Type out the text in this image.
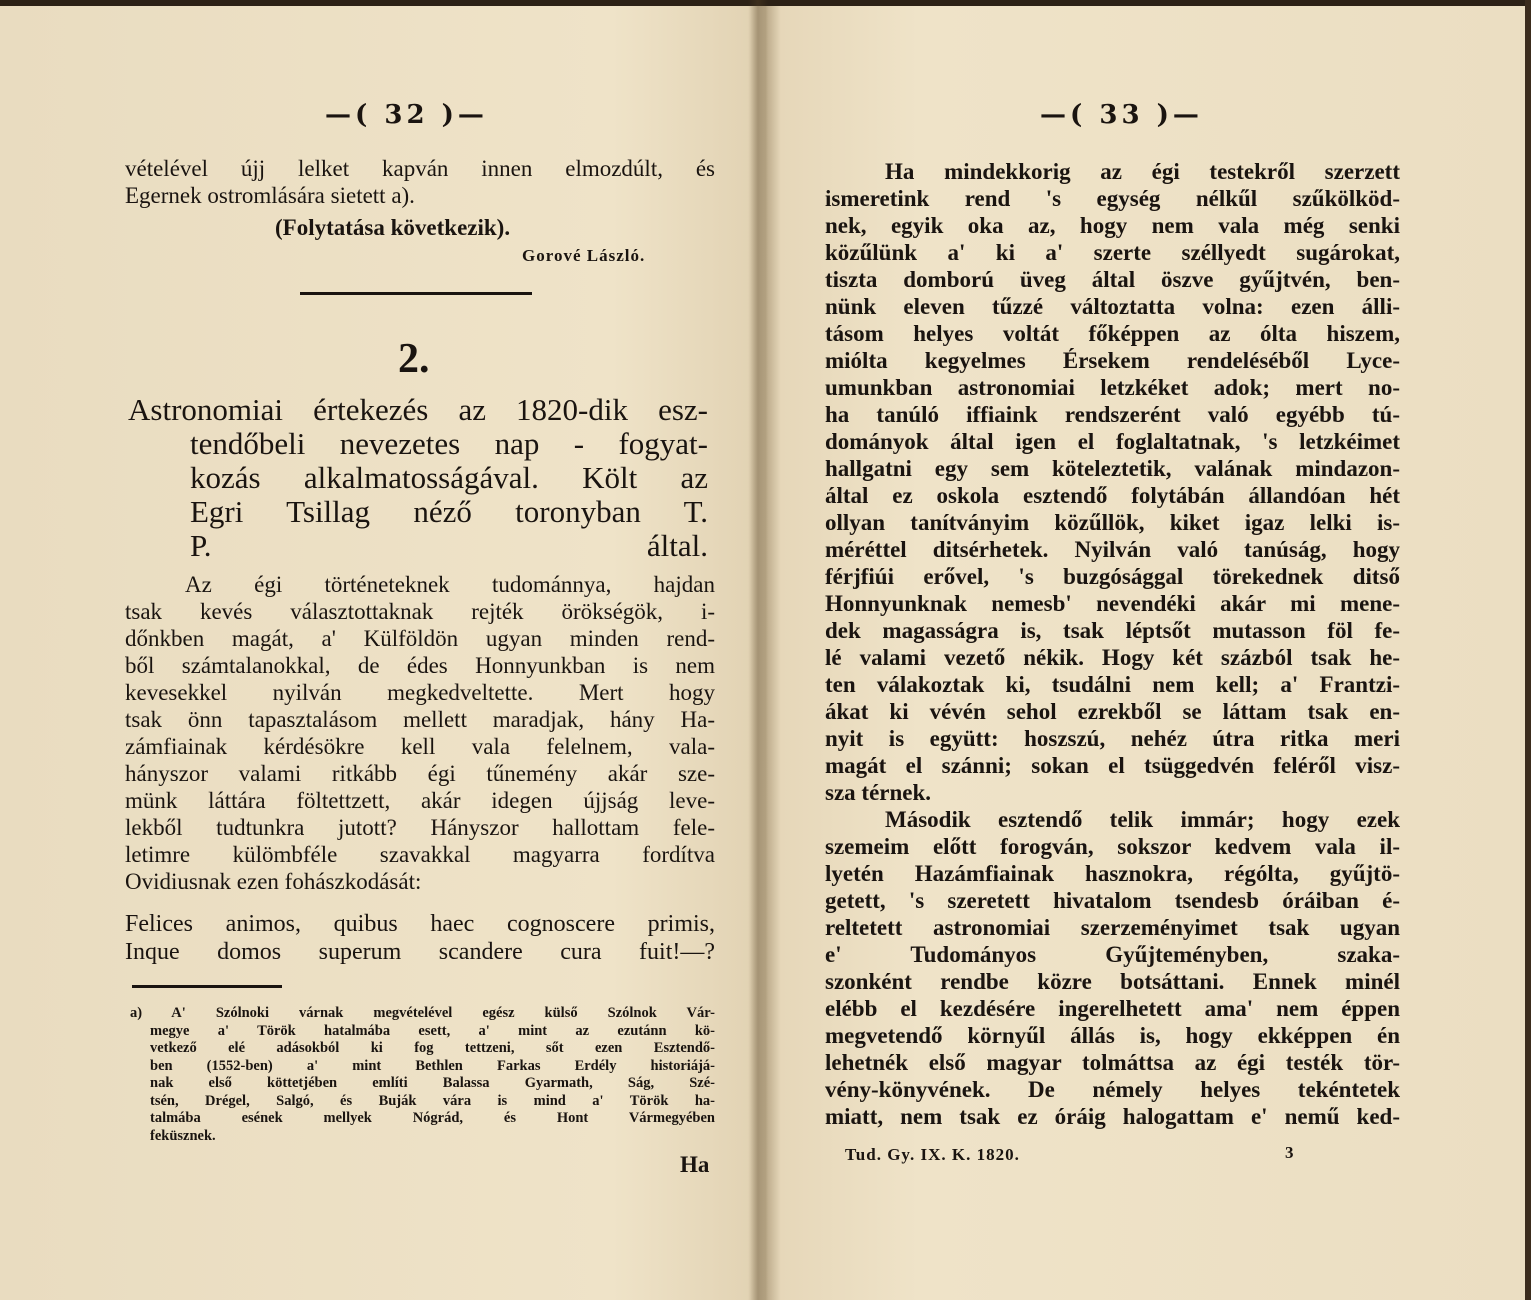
—( 32 )—
vételével újj lelket kapván innen elmozdúlt, és
Egernek ostromlására sietett a).
(Folytatása következik).
Gorové László.
2.
Astronomiai értekezés az 1820-dik esz-
tendőbeli nevezetes nap - fogyat-
kozás alkalmatosságával. Költ az
Egri Tsillag néző toronyban T.
P. által.
Az égi történeteknek tudománnya, hajdan
tsak kevés választottaknak rejték örökségök, i-
dőnkben magát, a' Külföldön ugyan minden rend-
ből számtalanokkal, de édes Honnyunkban is nem
kevesekkel nyilván megkedveltette. Mert hogy
tsak önn tapasztalásom mellett maradjak, hány Ha-
zámfiainak kérdésökre kell vala felelnem, vala-
hányszor valami ritkább égi tűnemény akár sze-
münk láttára föltettzett, akár idegen újjság leve-
lekből tudtunkra jutott? Hányszor hallottam fele-
letimre külömbféle szavakkal magyarra fordítva
Ovidiusnak ezen fohászkodását:
Felices animos, quibus haec cognoscere primis,
Inque domos superum scandere cura fuit!—?
a) A' Szólnoki várnak megvételével egész külső Szólnok Vár-
megye a' Török hatalmába esett, a' mint az ezutánn kö-
vetkező elé adásokból ki fog tettzeni, sőt ezen Esztendő-
ben (1552-ben) a' mint Bethlen Farkas Erdély historiájá-
nak első köttetjében említi Balassa Gyarmath, Ság, Szé-
tsén, Drégel, Salgó, és Buják vára is mind a' Török ha-
talmába esének mellyek Nógrád, és Hont Vármegyében
feküsznek.
Ha
—( 33 )—
Ha mindekkorig az égi testekről szerzett
ismeretink rend 's egység nélkűl szűkölköd-
nek, egyik oka az, hogy nem vala még senki
közűlünk a' ki a' szerte széllyedt sugárokat,
tiszta domború üveg által öszve gyűjtvén, ben-
nünk eleven tűzzé változtatta volna: ezen álli-
tásom helyes voltát főképpen az ólta hiszem,
miólta kegyelmes Érsekem rendeléséből Lyce-
umunkban astronomiai letzkéket adok; mert no-
ha tanúló iffiaink rendszerént való egyébb tú-
dományok által igen el foglaltatnak, 's letzkéimet
hallgatni egy sem köteleztetik, valának mindazon-
által ez oskola esztendő folytábán állandóan hét
ollyan tanítványim közűllök, kiket igaz lelki is-
méréttel ditsérhetek. Nyilván való tanúság, hogy
férjfiúi erővel, 's buzgósággal törekednek ditső
Honnyunknak nemesb' nevendéki akár mi mene-
dek magasságra is, tsak léptsőt mutasson föl fe-
lé valami vezető nékik. Hogy két százból tsak he-
ten válakoztak ki, tsudálni nem kell; a' Frantzi-
ákat ki vévén sehol ezrekből se láttam tsak en-
nyit is együtt: hoszszú, nehéz útra ritka meri
magát el szánni; sokan el tsüggedvén feléről visz-
sza térnek.
Második esztendő telik immár; hogy ezek
szemeim előtt forogván, sokszor kedvem vala il-
lyetén Hazámfiainak hasznokra, régólta, gyűjtö-
getett, 's szeretett hivatalom tsendesb óráiban é-
reltetett astronomiai szerzeményimet tsak ugyan
e' Tudományos Gyűjteményben, szaka-
szonként rendbe közre botsáttani. Ennek minél
elébb el kezdésére ingerelhetett ama' nem éppen
megvetendő környűl állás is, hogy ekképpen én
lehetnék első magyar tolmáttsa az égi testék tör-
vény-könyvének. De némely helyes tekéntetek
miatt, nem tsak ez óráig halogattam e' nemű ked-
Tud. Gy. IX. K. 1820.	3
